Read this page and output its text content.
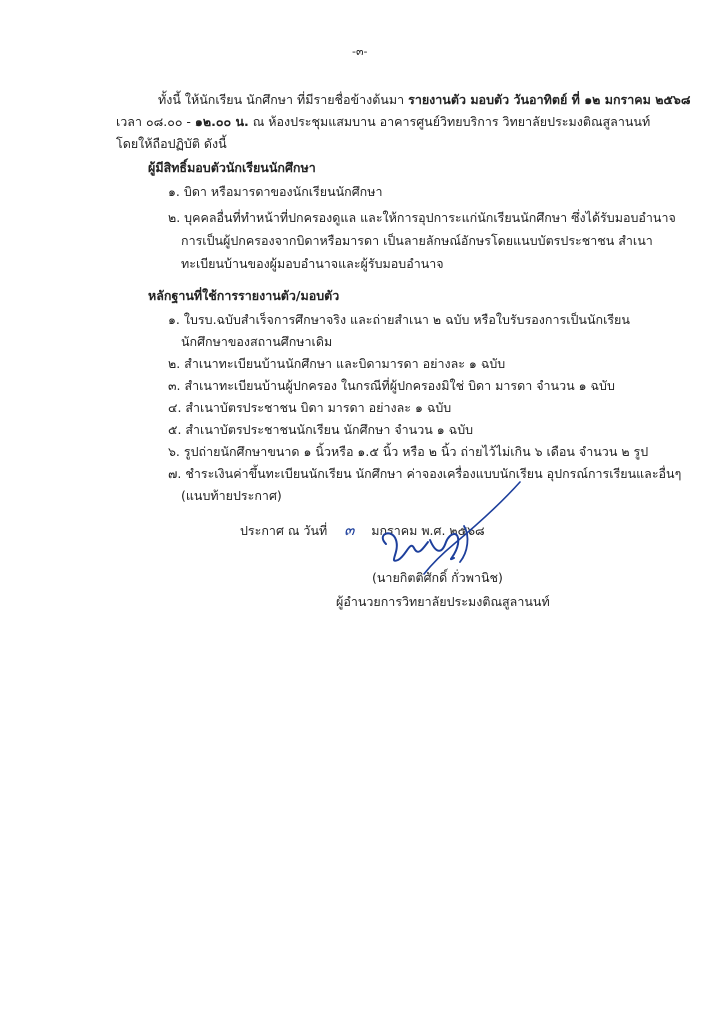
-๓-
ทั้งนี้ ให้นักเรียน นักศึกษา ที่มีรายชื่อข้างต้นมา รายงานตัว มอบตัว วันอาทิตย์ ที่ ๑๒ มกราคม ๒๕๖๘
เวลา ๐๘.๐๐ - ๑๒.๐๐ น. ณ ห้องประชุมแสมบาน อาคารศูนย์วิทยบริการ วิทยาลัยประมงติณสูลานนท์
โดยให้ถือปฏิบัติ ดังนี้
ผู้มีสิทธิ์มอบตัวนักเรียนนักศึกษา
๑. บิดา หรือมารดาของนักเรียนนักศึกษา
๒. บุคคลอื่นที่ทำหน้าที่ปกครองดูแล และให้การอุปการะแก่นักเรียนนักศึกษา ซึ่งได้รับมอบอำนาจ
การเป็นผู้ปกครองจากบิดาหรือมารดา เป็นลายลักษณ์อักษรโดยแนบบัตรประชาชน สำเนา
ทะเบียนบ้านของผู้มอบอำนาจและผู้รับมอบอำนาจ
หลักฐานที่ใช้การรายงานตัว/มอบตัว
๑. ใบรบ.ฉบับสำเร็จการศึกษาจริง และถ่ายสำเนา ๒ ฉบับ หรือใบรับรองการเป็นนักเรียน
นักศึกษาของสถานศึกษาเดิม
๒. สำเนาทะเบียนบ้านนักศึกษา และบิดามารดา อย่างละ ๑ ฉบับ
๓. สำเนาทะเบียนบ้านผู้ปกครอง ในกรณีที่ผู้ปกครองมิใช่ บิดา มารดา จำนวน ๑ ฉบับ
๔. สำเนาบัตรประชาชน บิดา มารดา อย่างละ ๑ ฉบับ
๕. สำเนาบัตรประชาชนนักเรียน นักศึกษา จำนวน ๑ ฉบับ
๖. รูปถ่ายนักศึกษาขนาด ๑ นิ้วหรือ ๑.๕ นิ้ว หรือ ๒ นิ้ว ถ่ายไว้ไม่เกิน ๖ เดือน จำนวน ๒ รูป
๗. ชำระเงินค่าขึ้นทะเบียนนักเรียน นักศึกษา ค่าจองเครื่องแบบนักเรียน อุปกรณ์การเรียนและอื่นๆ
(แนบท้ายประกาศ)
ประกาศ ณ วันที่ ๓ มกราคม พ.ศ. ๒๕๖๘
(นายกิตติศักดิ์ กั่วพานิช)
ผู้อำนวยการวิทยาลัยประมงติณสูลานนท์
